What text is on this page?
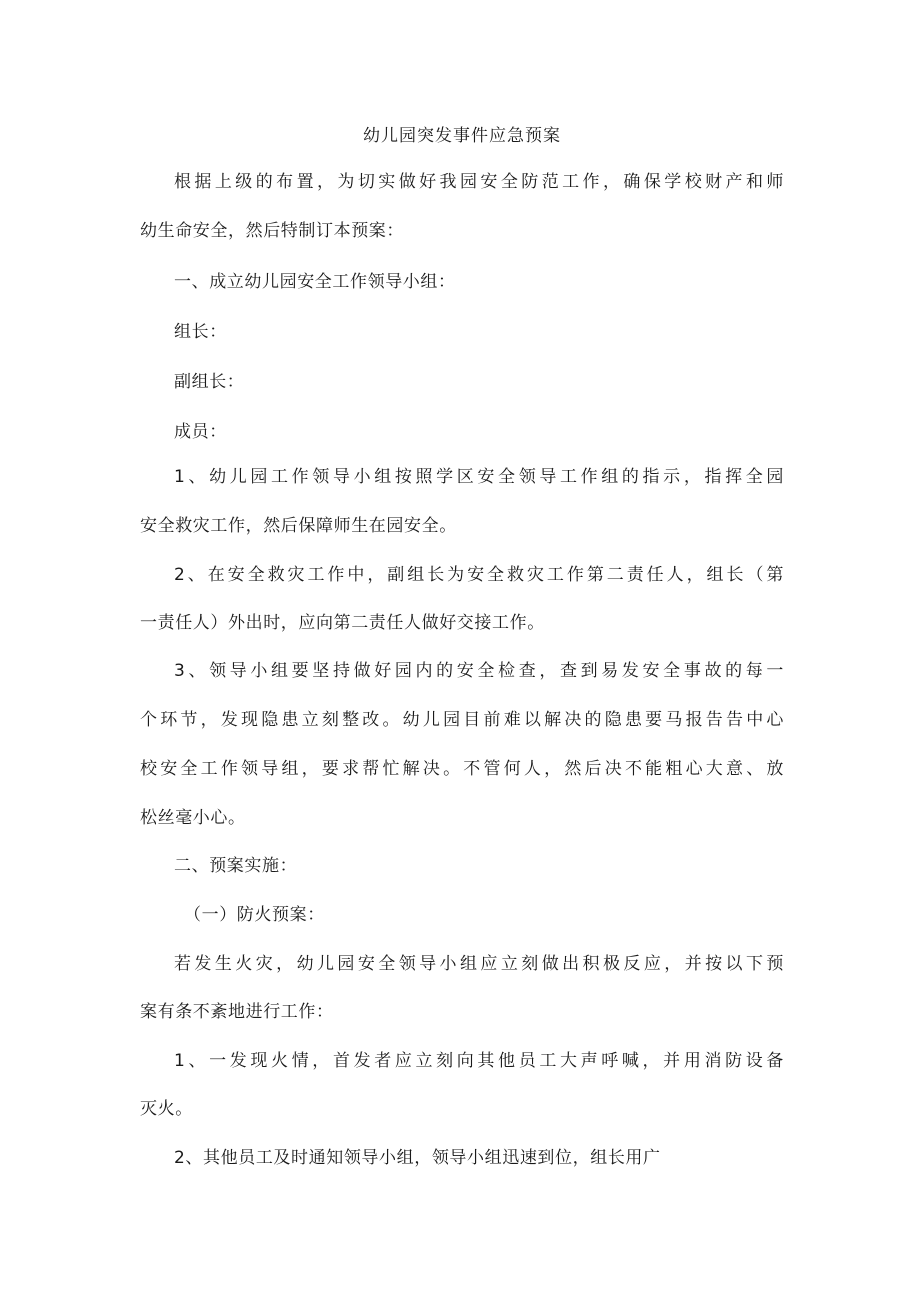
幼儿园突发事件应急预案
根据上级的布置，为切实做好我园安全防范工作，确保学校财产和师
幼生命安全，然后特制订本预案：
一、成立幼儿园安全工作领导小组：
组长：
副组长：
成员：
1、幼儿园工作领导小组按照学区安全领导工作组的指示，指挥全园
安全救灾工作，然后保障师生在园安全。
2、在安全救灾工作中，副组长为安全救灾工作第二责任人，组长（第
一责任人）外出时，应向第二责任人做好交接工作。
3、领导小组要坚持做好园内的安全检查，查到易发安全事故的每一
个环节，发现隐患立刻整改。幼儿园目前难以解决的隐患要马报告告中心
校安全工作领导组，要求帮忙解决。不管何人，然后决不能粗心大意、放
松丝毫小心。
二、预案实施：
（一）防火预案：
若发生火灾，幼儿园安全领导小组应立刻做出积极反应，并按以下预
案有条不紊地进行工作：
1、一发现火情，首发者应立刻向其他员工大声呼喊，并用消防设备
灭火。
2、其他员工及时通知领导小组，领导小组迅速到位，组长用广
